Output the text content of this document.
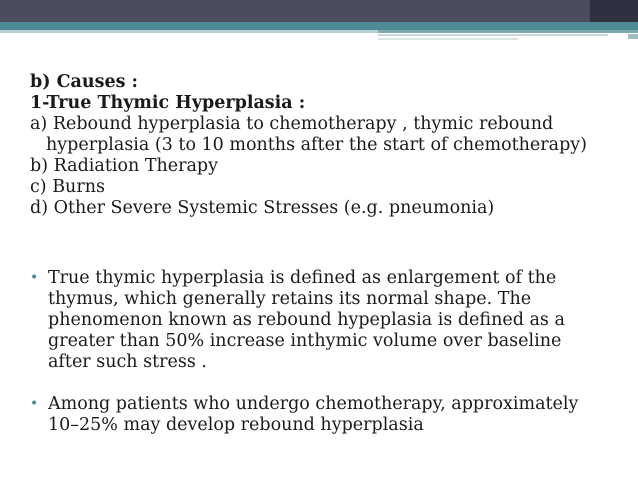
b) Causes :
1-True Thymic Hyperplasia :
a) Rebound hyperplasia to chemotherapy , thymic rebound
hyperplasia (3 to 10 months after the start of chemotherapy)
b) Radiation Therapy
c) Burns
d) Other Severe Systemic Stresses (e.g. pneumonia)
• True thymic hyperplasia is defined as enlargement of the
thymus, which generally retains its normal shape. The
phenomenon known as rebound hypeplasia is defined as a
greater than 50% increase inthymic volume over baseline
after such stress .
• Among patients who undergo chemotherapy, approximately
10–25% may develop rebound hyperplasia
